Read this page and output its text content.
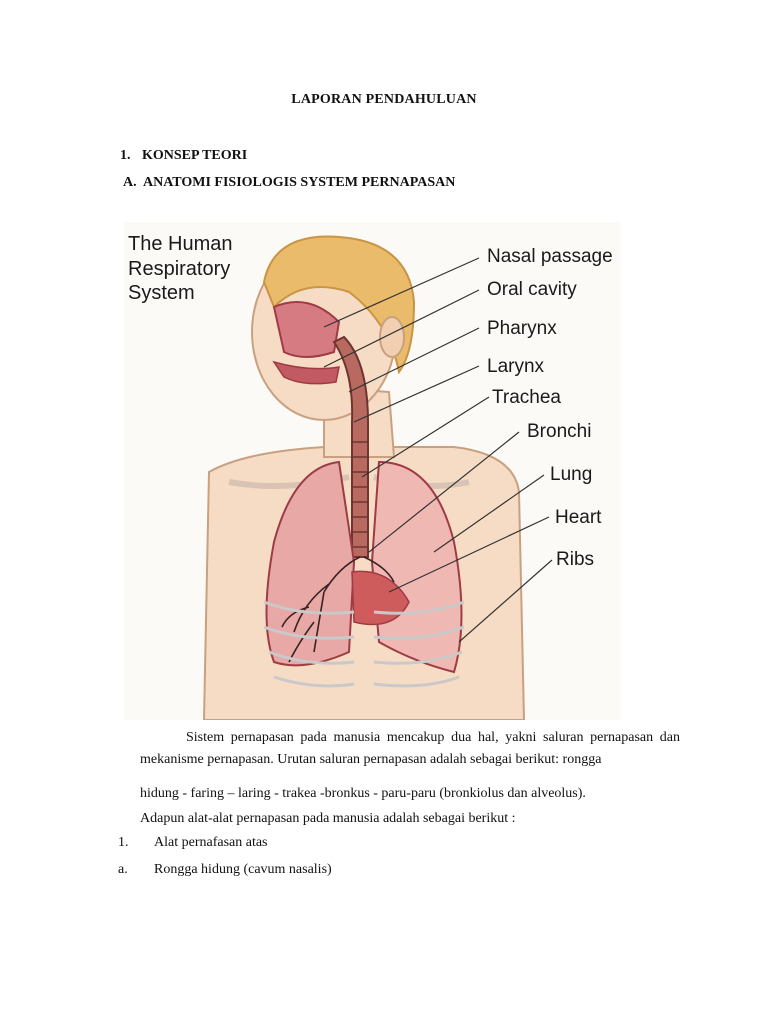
LAPORAN PENDAHULUAN
1. KONSEP TEORI
A. ANATOMI FISIOLOGIS SYSTEM PERNAPASAN
The Human
Respiratory
System
Nasal passage
Oral cavity
Pharynx
Larynx
Trachea
Bronchi
Lung
Heart
Ribs
Sistem pernapasan pada manusia mencakup dua hal, yakni saluran pernapasan dan mekanisme pernapasan. Urutan saluran pernapasan adalah sebagai berikut: rongga
hidung - faring – laring - trakea -bronkus - paru-paru (bronkiolus dan alveolus).
Adapun alat-alat pernapasan pada manusia adalah sebagai berikut :
1. Alat pernafasan atas
a. Rongga hidung (cavum nasalis)
